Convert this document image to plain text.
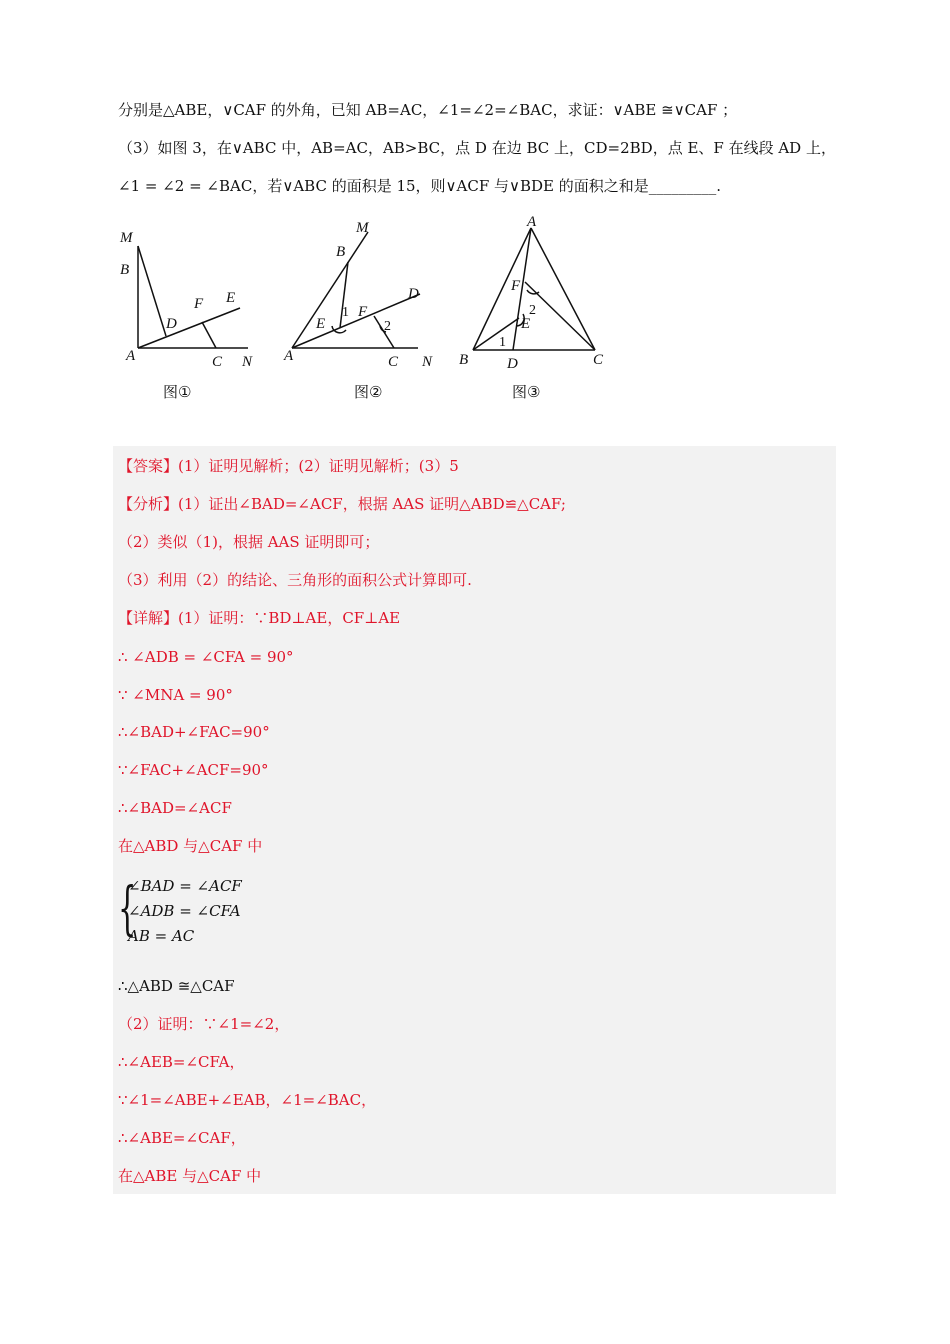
分别是△ABE，∨CAF 的外角，已知 AB=AC，∠1=∠2=∠BAC，求证：∨ABE ≅∨CAF ；
（3）如图 3，在∨ABC 中，AB=AC，AB>BC，点 D 在边 BC 上，CD=2BD，点 E、F 在线段 AD 上，
∠1 = ∠2 = ∠BAC，若∨ABC 的面积是 15，则∨ACF 与∨BDE 的面积之和是_________.
M
B
D
F E
A	C N
图①
M
B
F
D
E
1
2
A	C N
图②
A
F
2
E
1
B	D	C
图③
【答案】(1）证明见解析；(2）证明见解析；(3）5
【分析】(1）证出∠BAD=∠ACF，根据 AAS 证明△ABD≌△CAF;
（2）类似（1)，根据 AAS 证明即可；
（3）利用（2）的结论、三角形的面积公式计算即可.
【详解】(1）证明：∵BD⊥AE，CF⊥AE
∴ ∠ADB = ∠CFA = 90°
∵ ∠MNA = 90°
∴∠BAD+∠FAC=90°
∵∠FAC+∠ACF=90°
∴∠BAD=∠ACF
在△ABD 与△CAF 中
{
∠BAD = ∠ACF
∠ADB = ∠CFA
AB = AC
∴△ABD ≅△CAF
（2）证明：∵∠1=∠2，
∴∠AEB=∠CFA，
∵∠1=∠ABE+∠EAB，∠1=∠BAC，
∴∠ABE=∠CAF，
在△ABE 与△CAF 中
